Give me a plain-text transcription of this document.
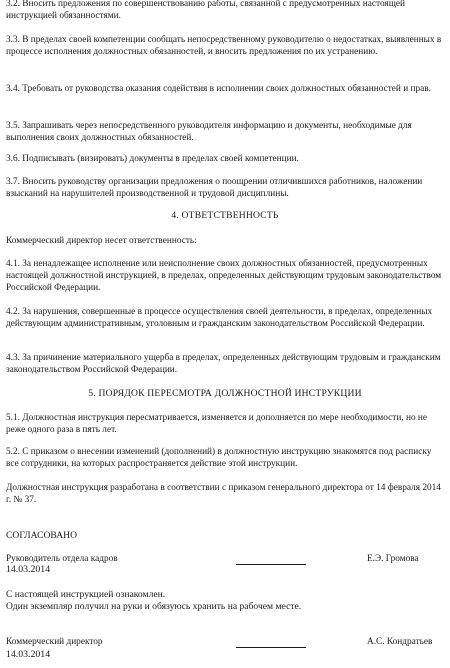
3.2. Вносить предложения по совершенствованию работы, связанной с предусмотренных настоящей инструкцией обязанностями.

3.3. В пределах своей компетенции сообщать непосредственному руководителю о недостатках, выявленных в процессе исполнения должностных обязанностей, и вносить предложения по их устранению.

3.4. Требовать от руководства оказания содействия в исполнении своих должностных обязанностей и прав.

3.5. Запрашивать через непосредственного руководителя информацию и документы, необходимые для выполнения своих должностных обязанностей.

3.6. Подписывать (визировать) документы в пределах своей компетенции.

3.7. Вносить руководству организации предложения о поощрении отличившихся работников, наложении взысканий на нарушителей производственной и трудовой дисциплины.

4. ОТВЕТСТВЕННОСТЬ

Коммерческий директор несет ответственность:

4.1. За ненадлежащее исполнение или неисполнение своих должностных обязанностей, предусмотренных настоящей должностной инструкцией, в пределах, определенных действующим трудовым законодательством Российской Федерации.

4.2. За нарушения, совершенные в процессе осуществления своей деятельности, в пределах, определенных действующим административным, уголовным и гражданским законодательством Российской Федерации.

4.3. За причинение материального ущерба в пределах, определенных действующим трудовым и гражданским законодательством Российской Федерации.

5. ПОРЯДОК ПЕРЕСМОТРА ДОЛЖНОСТНОЙ ИНСТРУКЦИИ

5.1. Должностная инструкция пересматривается, изменяется и дополняется по мере необходимости, но не реже одного раза в пять лет.

5.2. С приказом о внесении изменений (дополнений) в должностную инструкцию знакомятся под расписку все сотрудники, на которых распространяется действие этой инструкции.

Должностная инструкция разработана в соответствии с приказом генерального директора от 14 февраля 2014 г. № 37.

СОГЛАСОВАНО
Руководитель отдела кадров	Е.Э. Громова
14.03.2014
С настоящей инструкцией ознакомлен.
Один экземпляр получил на руки и обязуюсь хранить на рабочем месте.
Коммерческий директор	А.С. Кондратьев
14.03.2014
